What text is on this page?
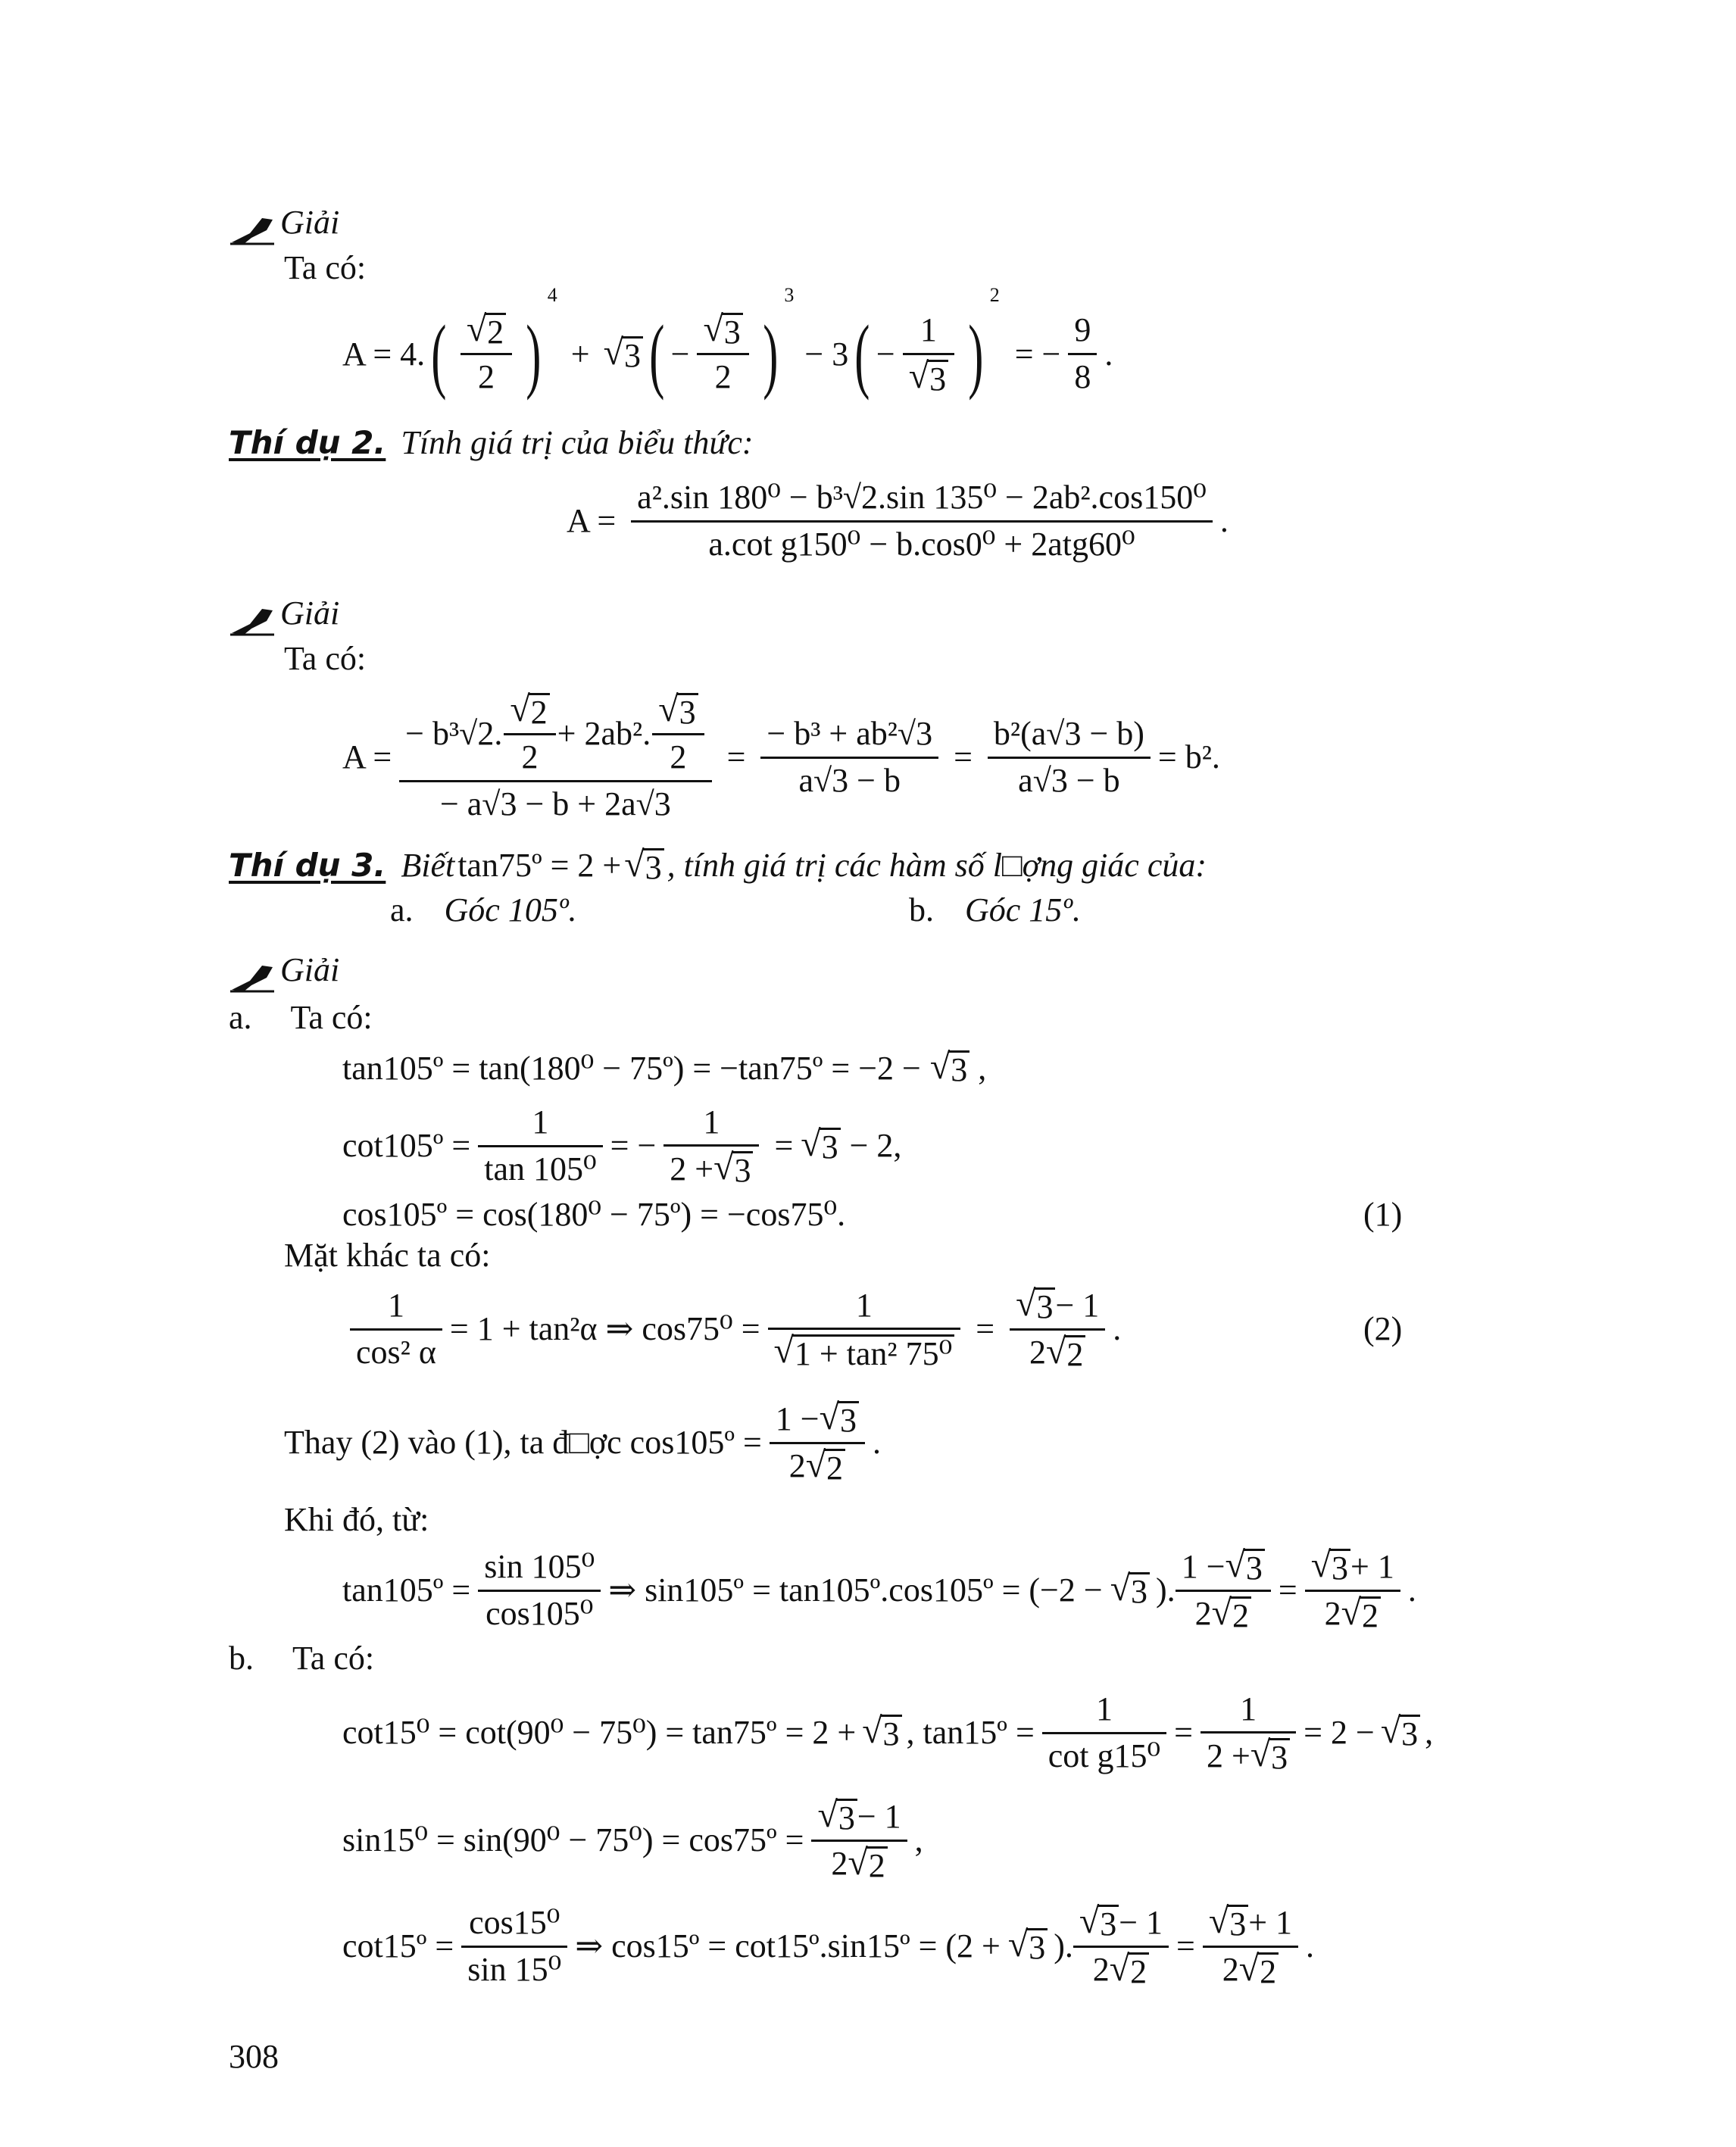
Giải
Ta có:
A = 4. ( $\frac{√ 2}{2}$ )
4
+ √ 3 ( − $\frac{√ 3}{2}$ )
3
− 3 ( − $\frac{1}{√ 3}$ )
2
= − $\frac{9}{8}$ .
Thí dụ 2. Tính giá trị của biểu thức:
$A = \frac{\text{a².sin 180⁰ − b³√2.sin 135⁰ − 2ab².cos150⁰}}{\text{a.cot g150⁰ − b.cos0⁰ + 2atg60⁰}}$ .
Giải
Ta có:
$A = \frac{- b^3√2. \frac{√ 2}{2} + 2ab^2. \frac{√ 3}{2}}{- a√3 - b + 2a√3} = \frac{\text{− b³ + ab²√3}}{a√3 - b} = \frac{\text{b²(a√3 − b)}}{a√3 - b} = b^2$.
Thí dụ 3. Biết tan75º = 2 + √ 3 , tính giá trị các hàm số l□ợng giác của:
a. Góc 105º.	b. Góc 15º.
Giải
a. Ta có:
tan105º = tan(180⁰ − 75º) = −tan75º = −2 − √ 3 ,
cot105º = $\frac{1}{\text{tan 105⁰}}$ = − $\frac{1}{2 + √ 3}$ = √ 3 − 2,
cos105º = cos(180⁰ − 75º) = −cos75⁰.	(1)
Mặt khác ta có:
$\frac{1}{\text{cos² α}} = 1 + \tan^2\alpha$ ⇒ $\cos 75^0 = \frac{1}{\text{√ 1 + tan² 75⁰}} = \frac{√ 3 - 1}{2 √ 2}$ .	(2)
Thay (2) vào (1), ta đ□ợc cos105º = $\frac{1 - √ 3}{2 √ 2}$ .
Khi đó, từ:
tan105º = $\frac{\text{sin 105⁰}}{\text{cos105⁰}}$ ⇒ sin105º = tan105º.cos105º = (−2 − √ 3 ). $\frac{1 - √ 3}{2 √ 2} = \frac{√ 3 + 1}{2 √ 2}$ .
b. Ta có:
cot15⁰ = cot(90⁰ − 75⁰) = tan75º = 2 + √ 3 , tan15º = $\frac{1}{\text{cot g15⁰}} = \frac{1}{2 + √ 3} = 2$ − √ 3 ,
sin15⁰ = sin(90⁰ − 75⁰) = cos75º = $\frac{√ 3 - 1}{2 √ 2}$ ,
cot15º = $\frac{\text{cos15⁰}}{\text{sin 15⁰}}$ ⇒ cos15º = cot15º.sin15º = (2 + √ 3 ). $\frac{√ 3 - 1}{2 √ 2} = \frac{√ 3 + 1}{2 √ 2}$ .
308
